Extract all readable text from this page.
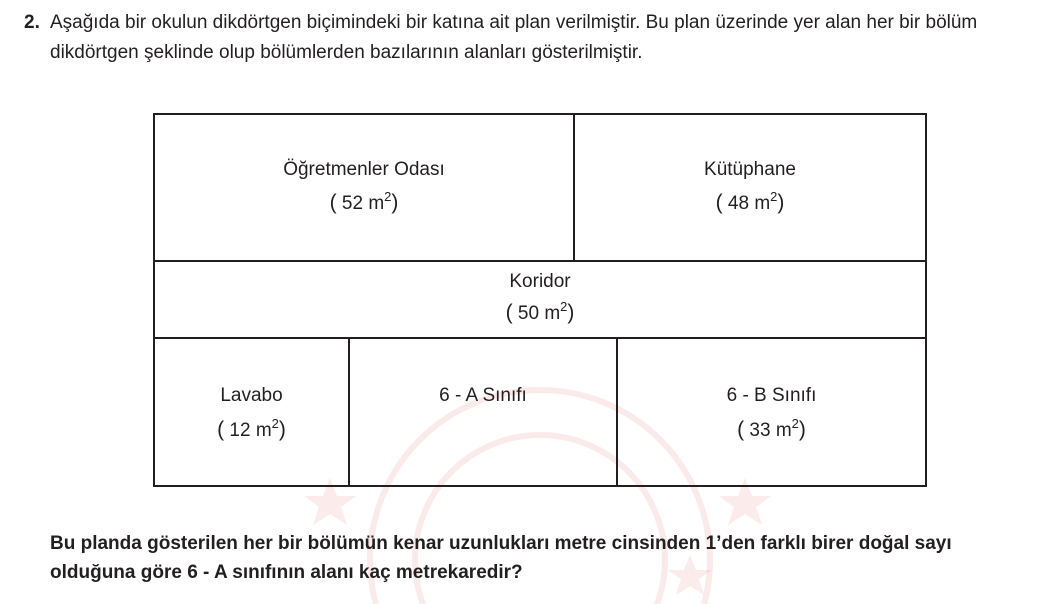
2. Aşağıda bir okulun dikdörtgen biçimindeki bir katına ait plan verilmiştir. Bu plan üzerinde yer alan her bir bölüm
dikdörtgen şeklinde olup bölümlerden bazılarının alanları gösterilmiştir.
Öğretmenler Odası
( 52 $m^2$)
Kütüphane
( 48 $m^2$)
Koridor
( 50 $m^2$)
Lavabo
( 12 $m^2$)
6 - A Sınıfı	6 - B Sınıfı
( 33 $m^2$)
Bu planda gösterilen her bir bölümün kenar uzunlukları metre cinsinden 1’den farklı birer doğal sayı
olduğuna göre 6 - A sınıfının alanı kaç metrekaredir?
